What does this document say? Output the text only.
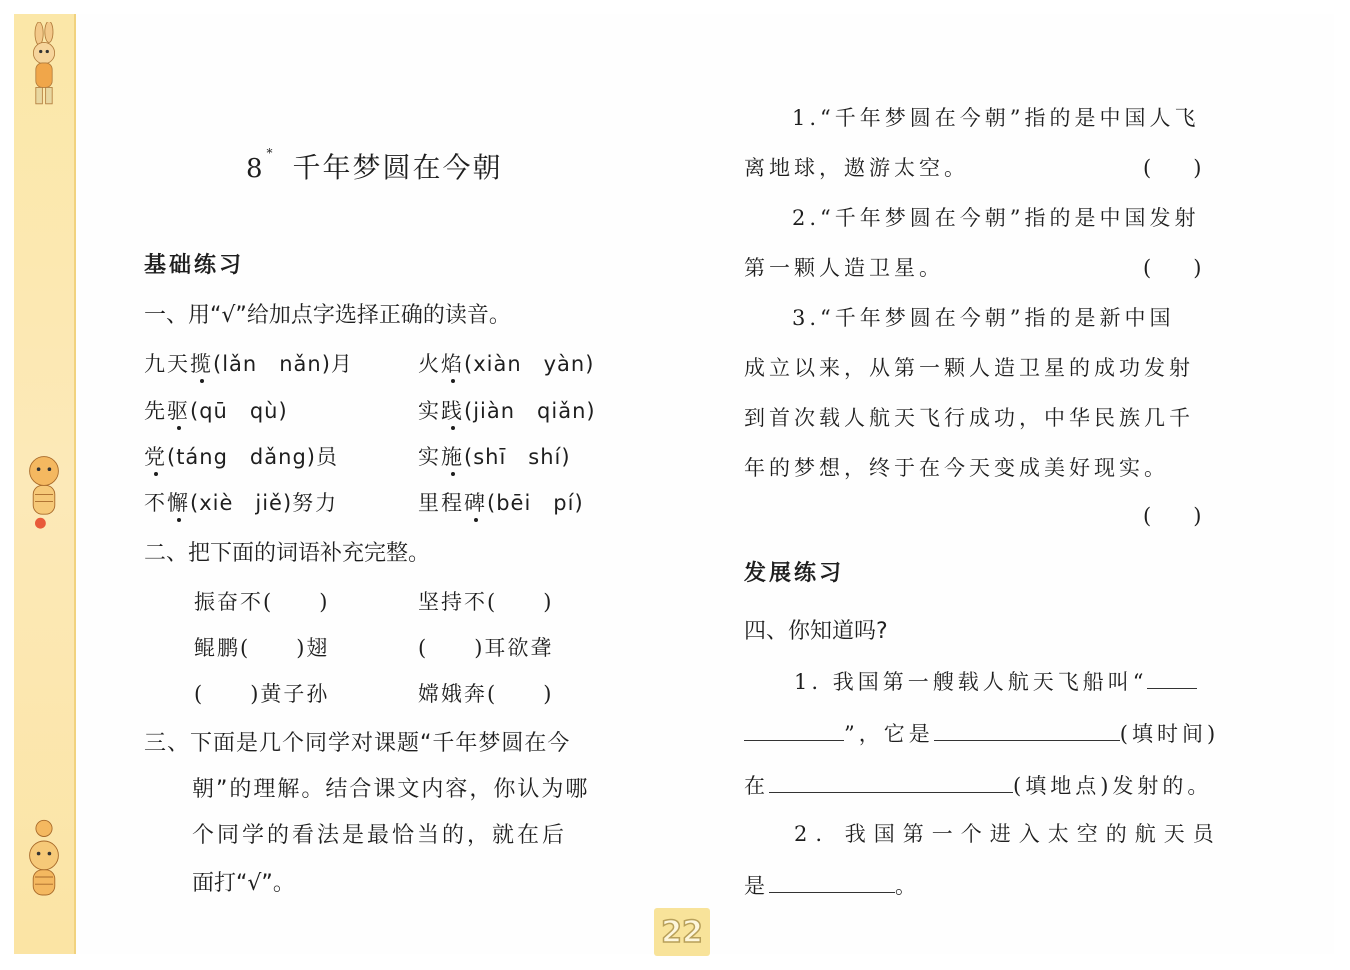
8* 千年梦圆在今朝
基础练习
一、用“√”给加点字选择正确的读音。
九天揽(lǎn　nǎn)月	火焰(xiàn　yàn)
先驱(qū　qù)	实践(jiàn　qiǎn)
党(táng　dǎng)员	实施(shī　shí)
不懈(xiè　jiě)努力	里程碑(bēi　pí)
二、把下面的词语补充完整。
振奋不(　　)	坚持不(　　)
鲲鹏(　　)翅	(　　)耳欲聋
(　　)黄子孙	嫦娥奔(　　)
三、下面是几个同学对课题“千年梦圆在今
朝”的理解。结合课文内容，你认为哪
个同学的看法是最恰当的，就在后
面打“√”。
1.“千年梦圆在今朝”指的是中国人飞
离地球，遨游太空。	(　　)
2.“千年梦圆在今朝”指的是中国发射
第一颗人造卫星。	(　　)
3.“千年梦圆在今朝”指的是新中国
成立以来，从第一颗人造卫星的成功发射
到首次载人航天飞行成功，中华民族几千
年的梦想，终于在今天变成美好现实。
(　　)
发展练习
四、你知道吗?
1. 我国第一艘载人航天飞船叫“
”，它是	(填时间)
在	(填地点)发射的。
2. 我国第一个进入太空的航天员
是	。
22
